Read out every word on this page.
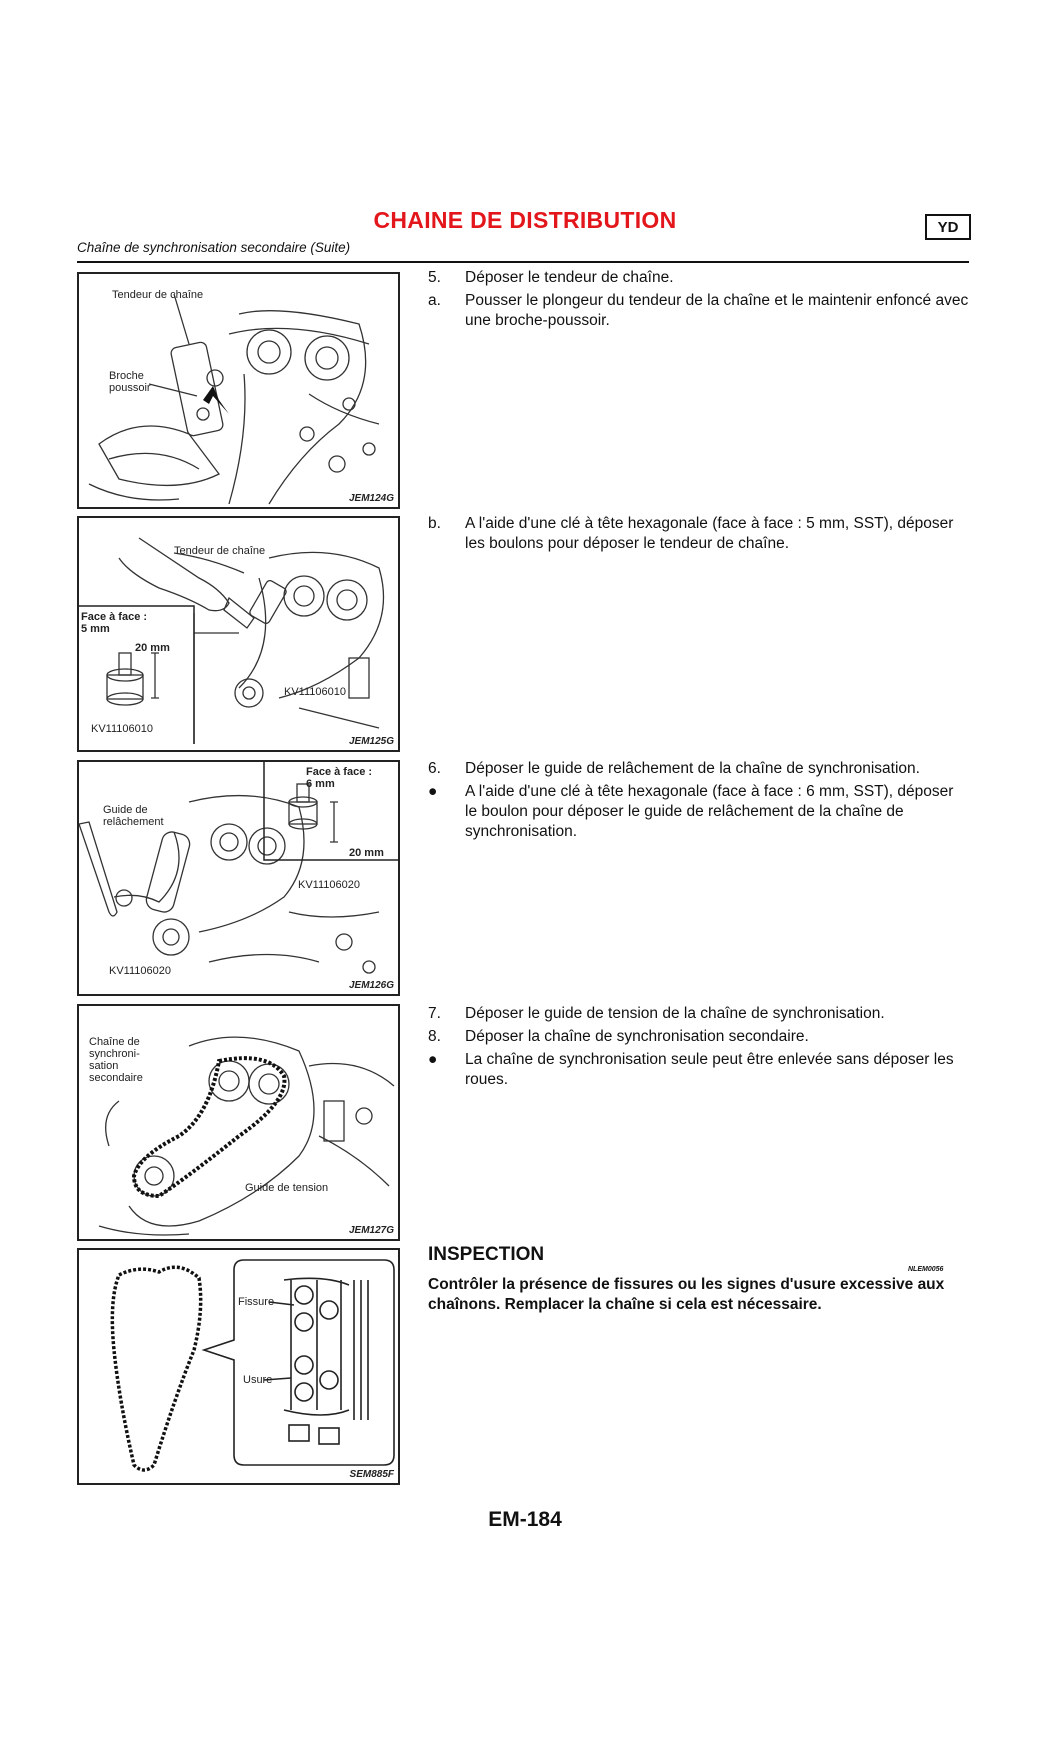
CHAINE DE DISTRIBUTION	YD
Chaîne de synchronisation secondaire (Suite)
Tendeur de chaîne
Broche
poussoir
JEM124G
Tendeur de chaîne
Face à face :
5 mm
20 mm
KV11106010
KV11106010
JEM125G
Face à face :
6 mm
20 mm
KV11106020
Guide de
relâchement
KV11106020
JEM126G
Chaîne de
synchroni-
sation
secondaire
Guide de tension
JEM127G
Fissure
Usure
SEM885F
5. Déposer le tendeur de chaîne.
a. Pousser le plongeur du tendeur de la chaîne et le maintenir enfoncé avec une broche-poussoir.
b. A l'aide d'une clé à tête hexagonale (face à face : 5 mm, SST), déposer les boulons pour déposer le tendeur de chaîne.
6. Déposer le guide de relâchement de la chaîne de synchronisation.
● A l'aide d'une clé à tête hexagonale (face à face : 6 mm, SST), déposer le boulon pour déposer le guide de relâchement de la chaîne de synchronisation.
7. Déposer le guide de tension de la chaîne de synchronisation.
8. Déposer la chaîne de synchronisation secondaire.
● La chaîne de synchronisation seule peut être enlevée sans déposer les roues.
INSPECTION
NLEM0056
Contrôler la présence de fissures ou les signes d'usure excessive aux chaînons. Remplacer la chaîne si cela est nécessaire.
EM-184
